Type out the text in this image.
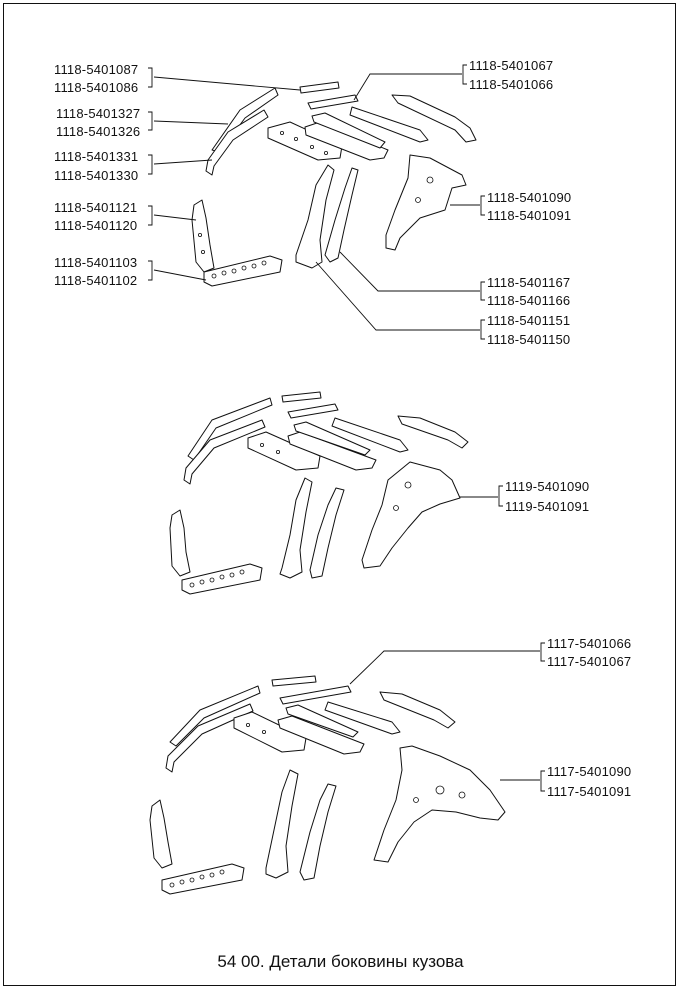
1118-5401087
1118-5401086
1118-5401327
1118-5401326
1118-5401331
1118-5401330
1118-5401121
1118-5401120
1118-5401103
1118-5401102
1118-5401067
1118-5401066
1118-5401090
1118-5401091
1118-5401167
1118-5401166
1118-5401151
1118-5401150
1119-5401090
1119-5401091
1117-5401066
1117-5401067
1117-5401090
1117-5401091
54 00. Детали боковины кузова
